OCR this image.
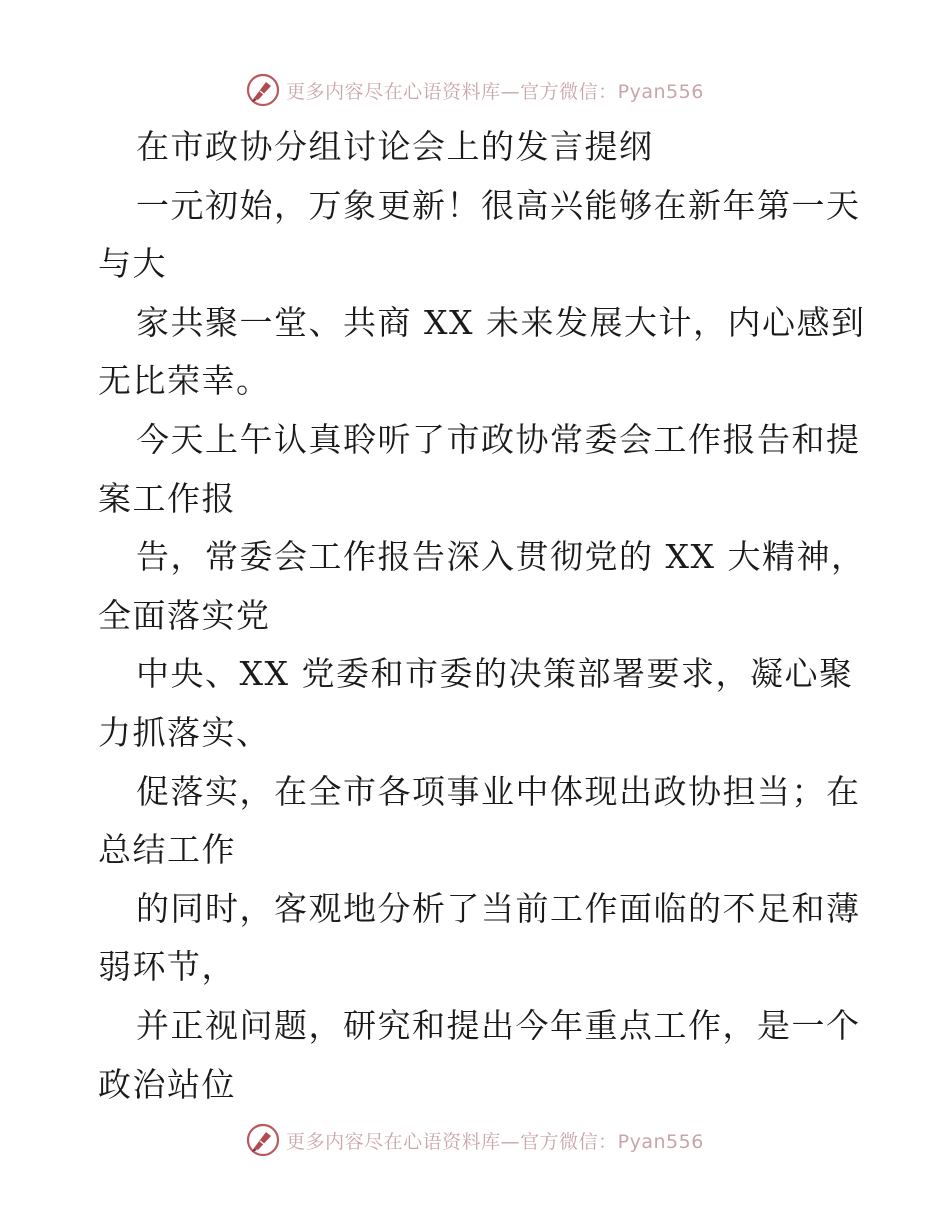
更多内容尽在心语资料库—官方微信：Pyan556
在市政协分组讨论会上的发言提纲
一元初始，万象更新！很高兴能够在新年第一天
与大
家共聚一堂、共商 XX 未来发展大计，内心感到
无比荣幸。
今天上午认真聆听了市政协常委会工作报告和提
案工作报
告，常委会工作报告深入贯彻党的 XX 大精神，
全面落实党
中央、XX 党委和市委的决策部署要求，凝心聚
力抓落实、
促落实，在全市各项事业中体现出政协担当；在
总结工作
的同时，客观地分析了当前工作面临的不足和薄
弱环节，
并正视问题，研究和提出今年重点工作，是一个
政治站位
更多内容尽在心语资料库—官方微信：Pyan556
